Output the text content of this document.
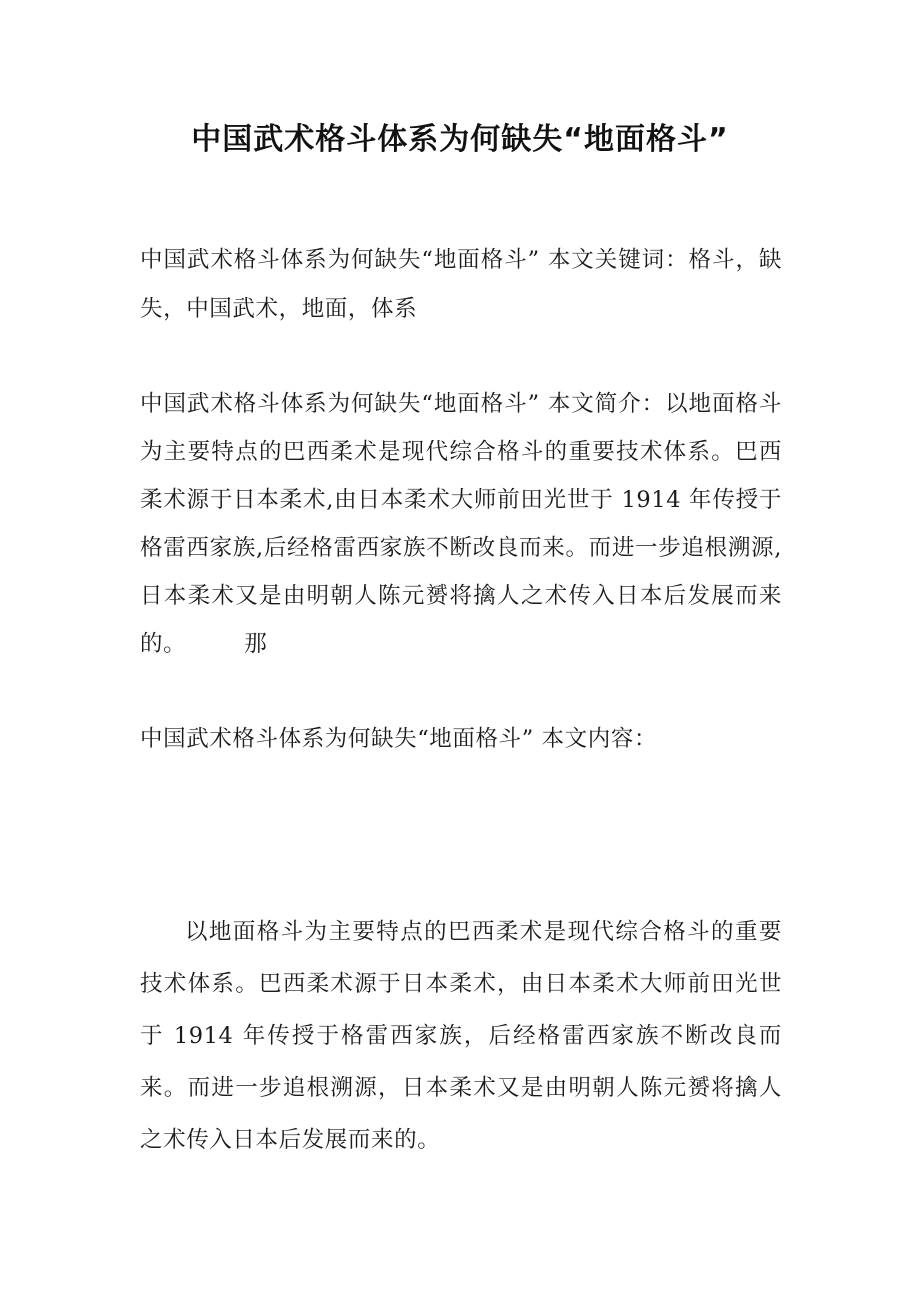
中国武术格斗体系为何缺失“地面格斗”

中国武术格斗体系为何缺失“地面格斗” 本文关键词：格斗，缺失，中国武术，地面，体系

中国武术格斗体系为何缺失“地面格斗” 本文简介：以地面格斗为主要特点的巴西柔术是现代综合格斗的重要技术体系。巴西柔术源于日本柔术,由日本柔术大师前田光世于 1914 年传授于格雷西家族,后经格雷西家族不断改良而来。而进一步追根溯源,日本柔术又是由明朝人陈元赟将擒人之术传入日本后发展而来的。	那

中国武术格斗体系为何缺失“地面格斗” 本文内容：

以地面格斗为主要特点的巴西柔术是现代综合格斗的重要技术体系。巴西柔术源于日本柔术，由日本柔术大师前田光世于 1914 年传授于格雷西家族，后经格雷西家族不断改良而来。而进一步追根溯源，日本柔术又是由明朝人陈元赟将擒人之术传入日本后发展而来的。
